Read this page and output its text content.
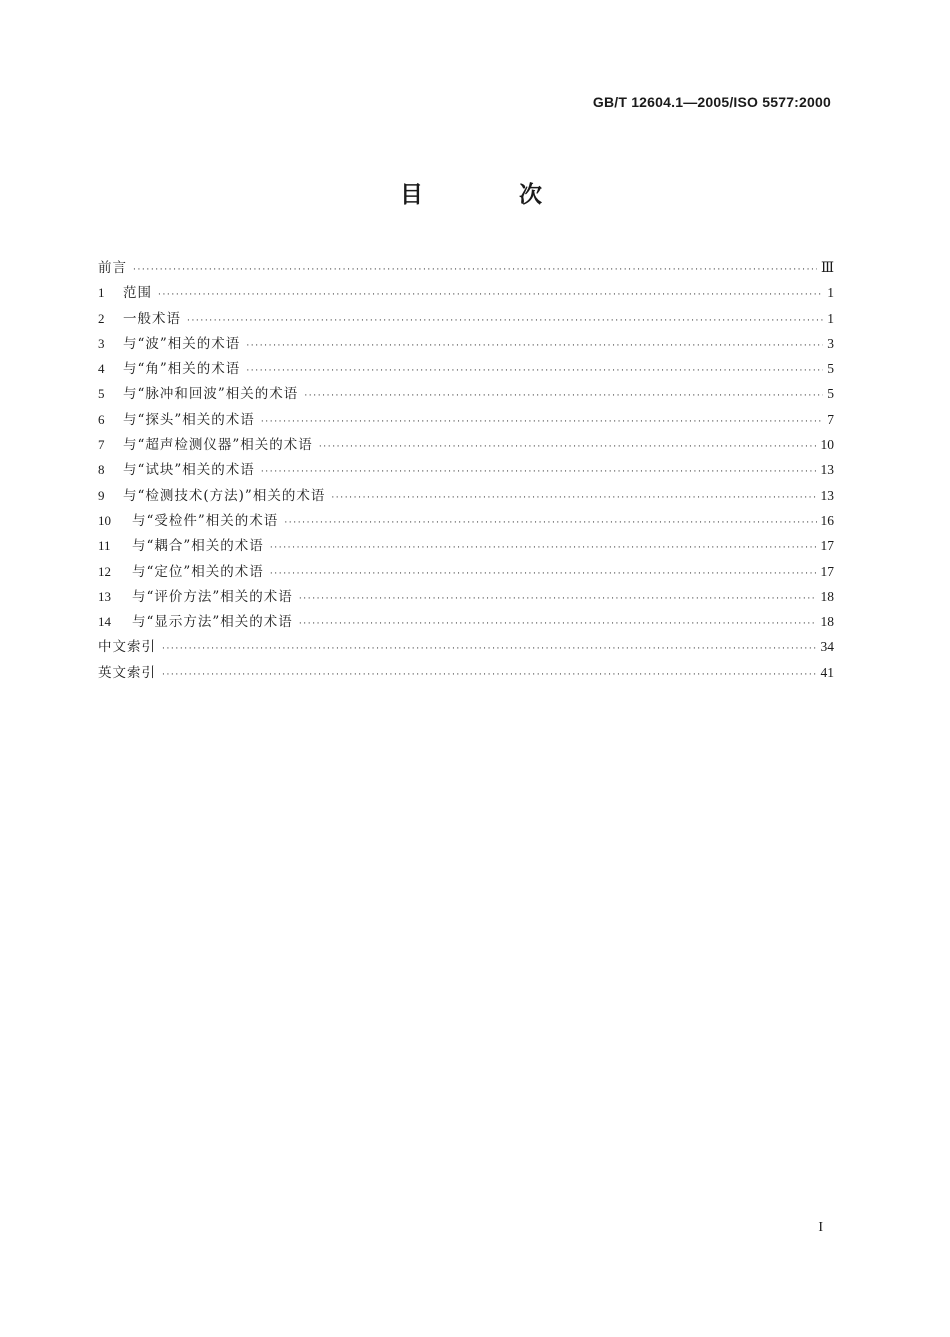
GB/T 12604.1—2005/ISO 5577:2000
目 次
前言 ·····	Ⅲ
1	范围 ·····	1
2	一般术语 ·····	1
3	与“波”相关的术语 ·····	3
4	与“角”相关的术语 ·····	5
5	与“脉冲和回波”相关的术语 ·····	5
6	与“探头”相关的术语 ·····	7
7	与“超声检测仪器”相关的术语 ·····	10
8	与“试块”相关的术语 ·····	13
9	与“检测技术(方法)”相关的术语 ·····	13
10	与“受检件”相关的术语 ·····	16
11	与“耦合”相关的术语 ·····	17
12	与“定位”相关的术语 ·····	17
13	与“评价方法”相关的术语 ·····	18
14	与“显示方法”相关的术语 ·····	18
中文索引 ·····	34
英文索引 ·····	41
I
